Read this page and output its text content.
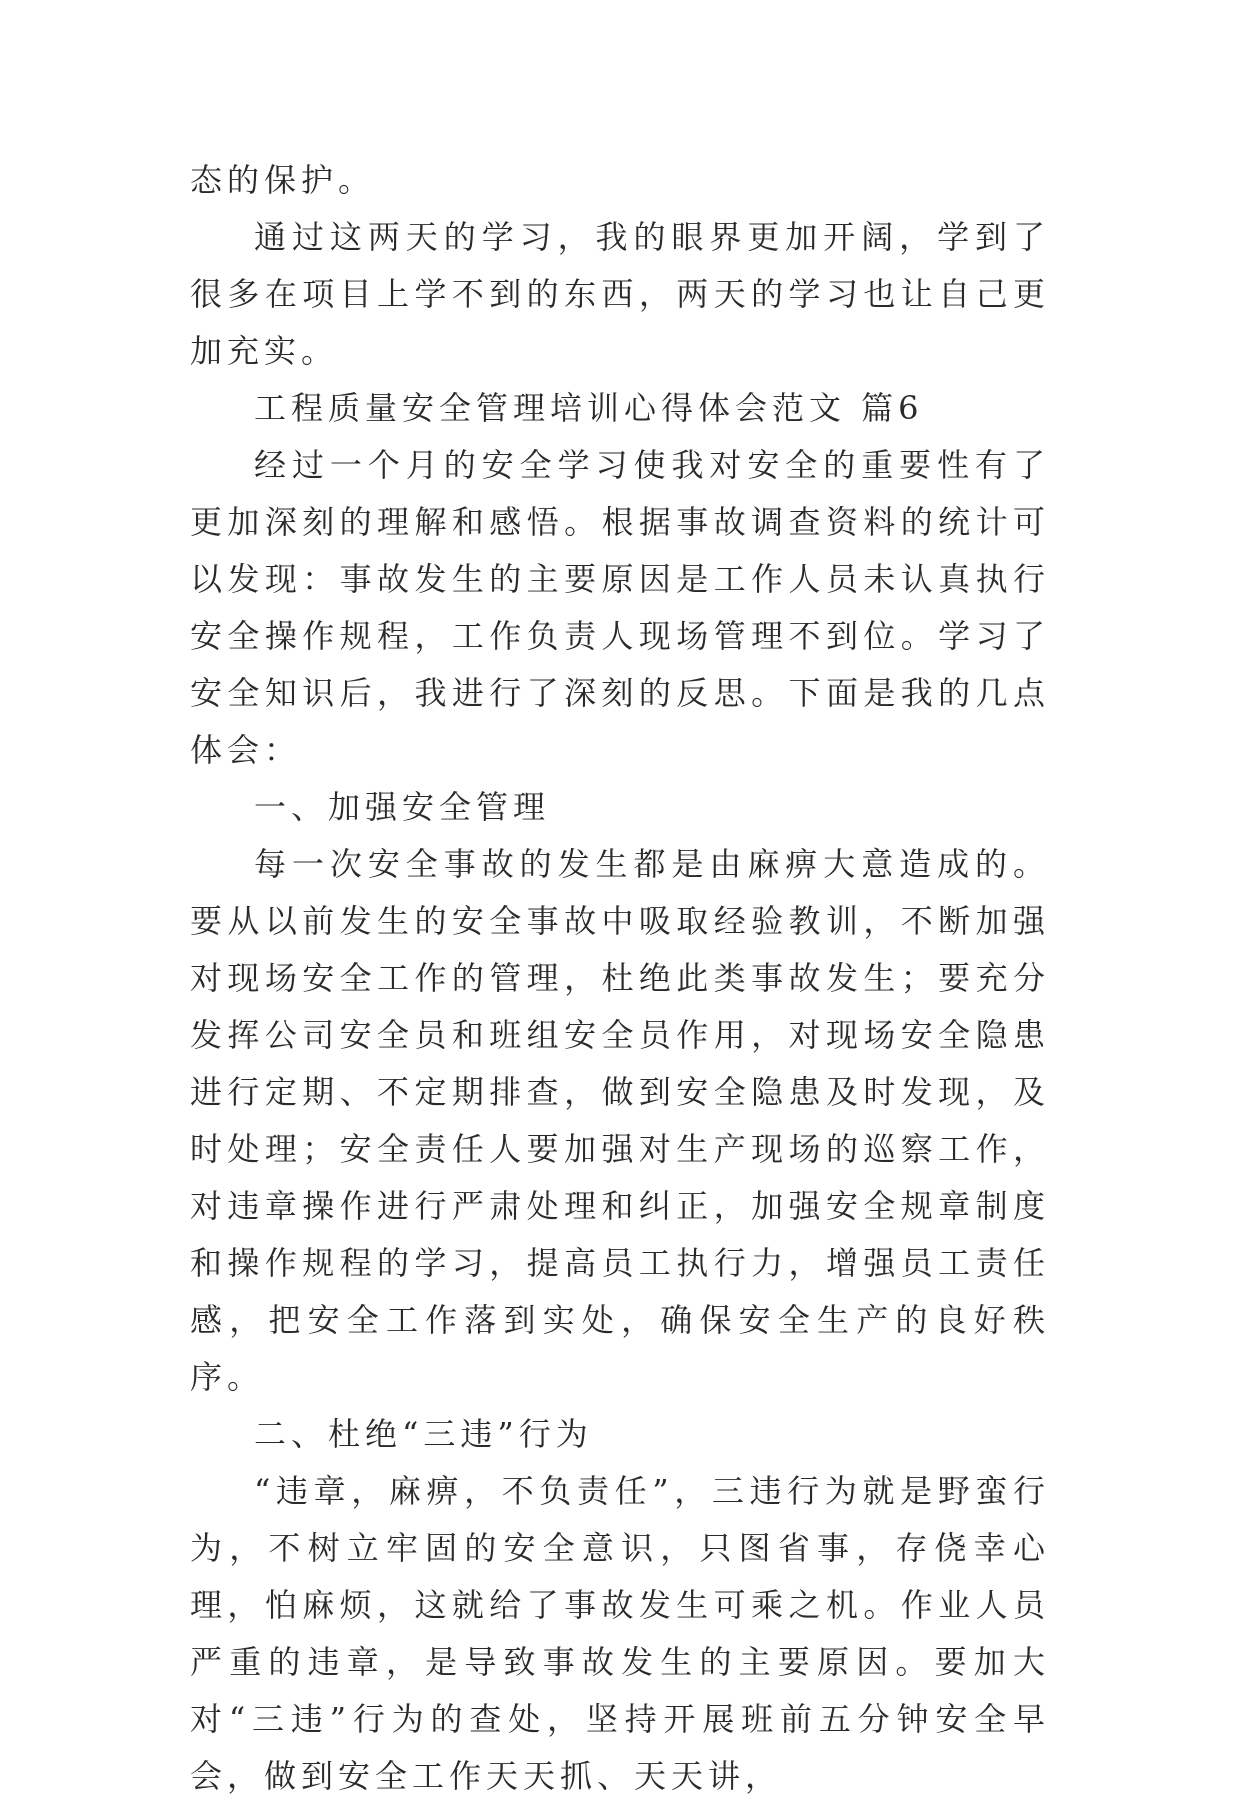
态的保护。

通过这两天的学习，我的眼界更加开阔，学到了很多在项目上学不到的东西，两天的学习也让自己更加充实。

工程质量安全管理培训心得体会范文 篇6

经过一个月的安全学习使我对安全的重要性有了更加深刻的理解和感悟。根据事故调查资料的统计可以发现：事故发生的主要原因是工作人员未认真执行安全操作规程，工作负责人现场管理不到位。学习了安全知识后，我进行了深刻的反思。下面是我的几点体会：

一、加强安全管理

每一次安全事故的发生都是由麻痹大意造成的。要从以前发生的安全事故中吸取经验教训，不断加强对现场安全工作的管理，杜绝此类事故发生；要充分发挥公司安全员和班组安全员作用，对现场安全隐患进行定期、不定期排查，做到安全隐患及时发现，及时处理；安全责任人要加强对生产现场的巡察工作，对违章操作进行严肃处理和纠正，加强安全规章制度和操作规程的学习，提高员工执行力，增强员工责任感，把安全工作落到实处，确保安全生产的良好秩序。

二、杜绝“三违”行为

“违章，麻痹，不负责任”，三违行为就是野蛮行为，不树立牢固的安全意识，只图省事，存侥幸心理，怕麻烦，这就给了事故发生可乘之机。作业人员严重的违章，是导致事故发生的主要原因。要加大对“三违”行为的查处，坚持开展班前五分钟安全早会，做到安全工作天天抓、天天讲，
